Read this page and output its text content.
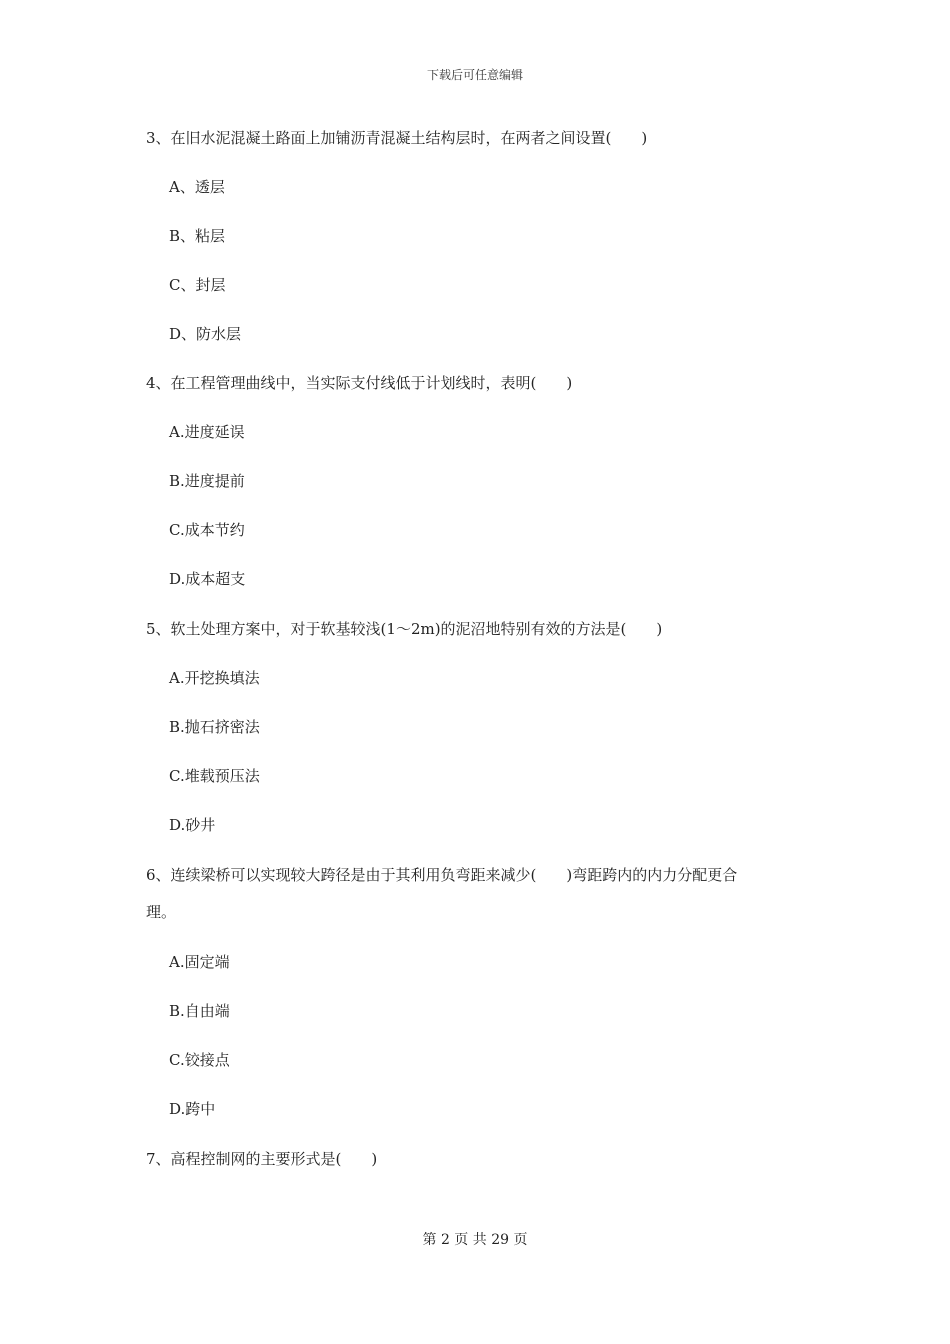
下载后可任意编辑
3、在旧水泥混凝土路面上加铺沥青混凝土结构层时，在两者之间设置(　　)
A、透层
B、粘层
C、封层
D、防水层
4、在工程管理曲线中，当实际支付线低于计划线时，表明(　　)
A.进度延误
B.进度提前
C.成本节约
D.成本超支
5、软土处理方案中，对于软基较浅(1～2m)的泥沼地特别有效的方法是(　　)
A.开挖换填法
B.抛石挤密法
C.堆载预压法
D.砂井
6、连续梁桥可以实现较大跨径是由于其利用负弯距来减少(　　)弯距跨内的内力分配更合
理。
A.固定端
B.自由端
C.铰接点
D.跨中
7、高程控制网的主要形式是(　　)
第 2 页 共 29 页
